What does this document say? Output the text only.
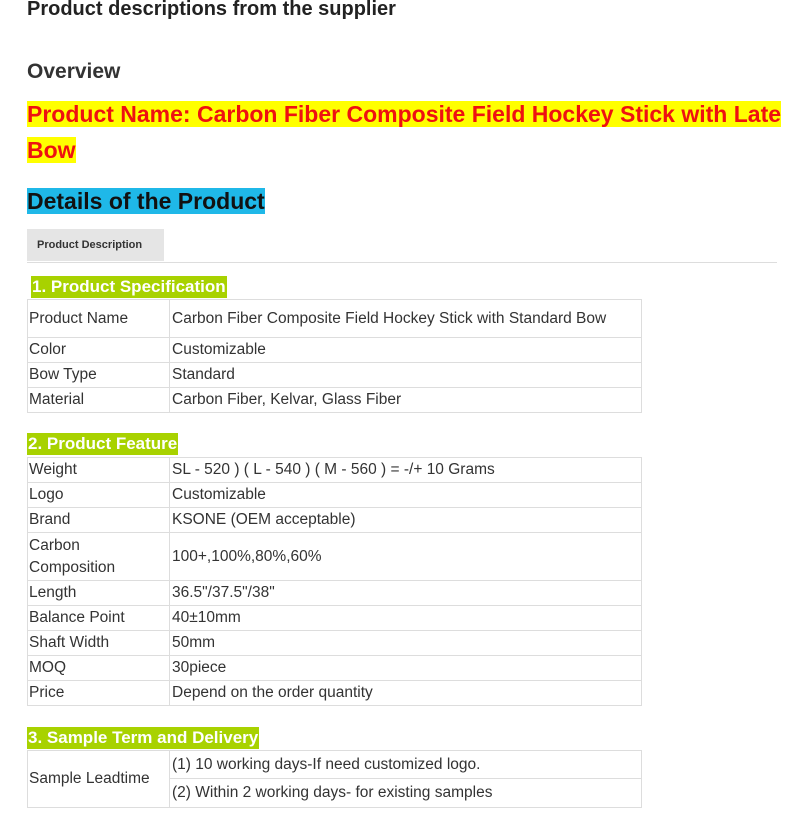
Product descriptions from the supplier
Overview
Product Name: Carbon Fiber Composite Field Hockey Stick with Late Bow
Details of the Product
Product Description
1. Product Specification
Product Name	Carbon Fiber Composite Field Hockey Stick with Standard Bow
Color	Customizable
Bow Type	Standard
Material	Carbon Fiber, Kelvar, Glass Fiber
2. Product Feature
Weight	SL - 520 ) ( L - 540 ) ( M - 560 ) = -/+ 10 Grams
Logo	Customizable
Brand	KSONE (OEM acceptable)
Carbon Composition	100+,100%,80%,60%
Length	36.5"/37.5"/38"
Balance Point	40±10mm
Shaft Width	50mm
MOQ	30piece
Price	Depend on the order quantity
3. Sample Term and Delivery
Sample Leadtime	(1) 10 working days-If need customized logo.
(2) Within 2 working days- for existing samples
